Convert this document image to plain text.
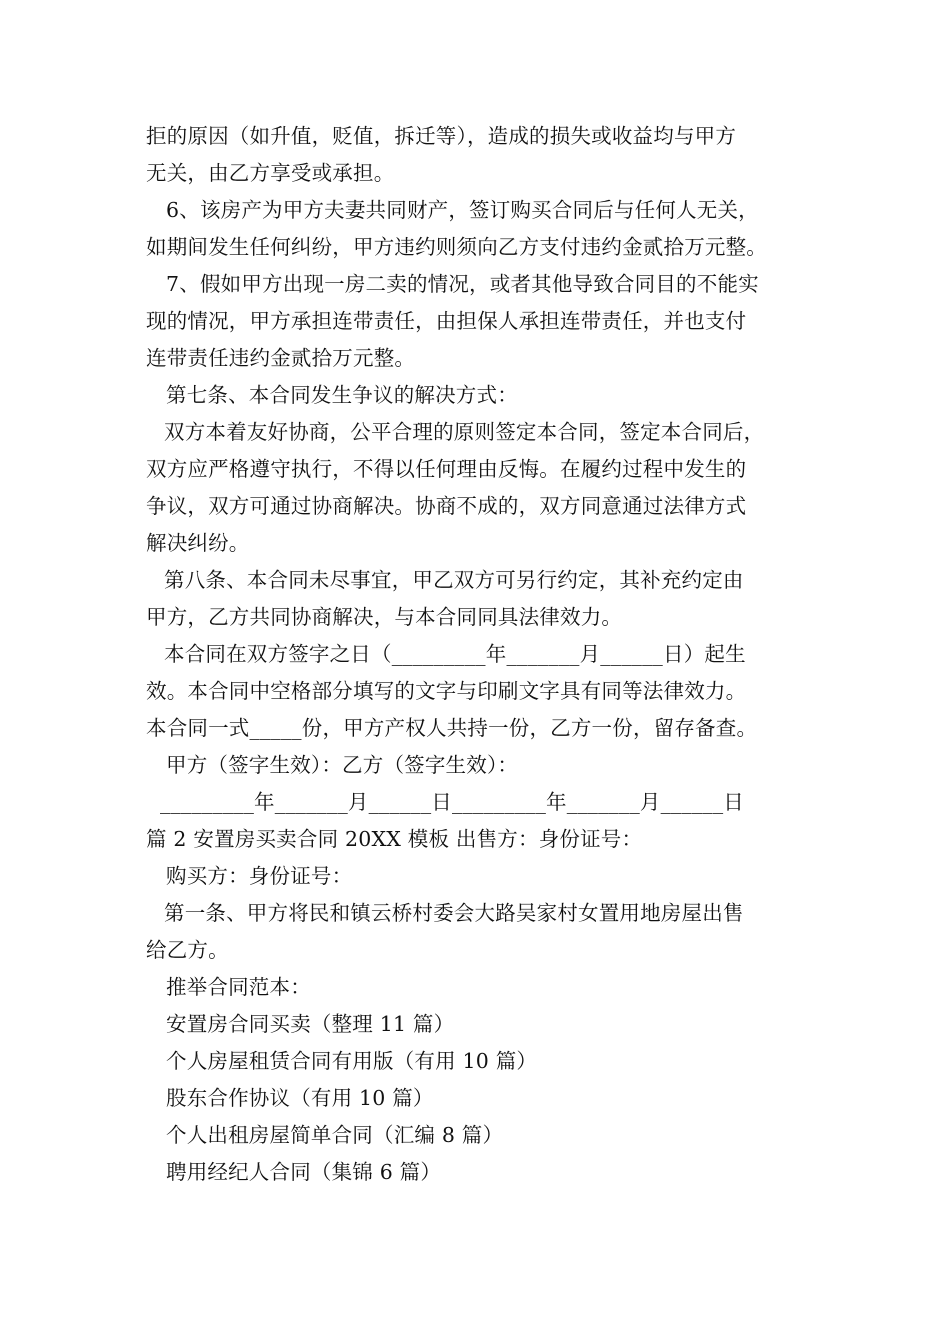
拒的原因（如升值，贬值，拆迁等），造成的损失或收益均与甲方
无关，由乙方享受或承担。
6、该房产为甲方夫妻共同财产，签订购买合同后与任何人无关，
如期间发生任何纠纷，甲方违约则须向乙方支付违约金贰拾万元整。
7、假如甲方出现一房二卖的情况，或者其他导致合同目的不能实
现的情况，甲方承担连带责任，由担保人承担连带责任，并也支付
连带责任违约金贰拾万元整。
第七条、本合同发生争议的解决方式：
双方本着友好协商，公平合理的原则签定本合同，签定本合同后，
双方应严格遵守执行，不得以任何理由反悔。在履约过程中发生的
争议，双方可通过协商解决。协商不成的，双方同意通过法律方式
解决纠纷。
第八条、本合同未尽事宜，甲乙双方可另行约定，其补充约定由
甲方，乙方共同协商解决，与本合同同具法律效力。
本合同在双方签字之日（_________年_______月______日）起生
效。本合同中空格部分填写的文字与印刷文字具有同等法律效力。
本合同一式_____份，甲方产权人共持一份，乙方一份，留存备查。
甲方（签字生效）：乙方（签字生效）：
_________年_______月______日_________年_______月______日
篇 2 安置房买卖合同 20XX 模板 出售方：身份证号：
购买方：身份证号：
第一条、甲方将民和镇云桥村委会大路吴家村女置用地房屋出售
给乙方。
推举合同范本：
安置房合同买卖（整理 11 篇）
个人房屋租赁合同有用版（有用 10 篇）
股东合作协议（有用 10 篇）
个人出租房屋简单合同（汇编 8 篇）
聘用经纪人合同（集锦 6 篇）
